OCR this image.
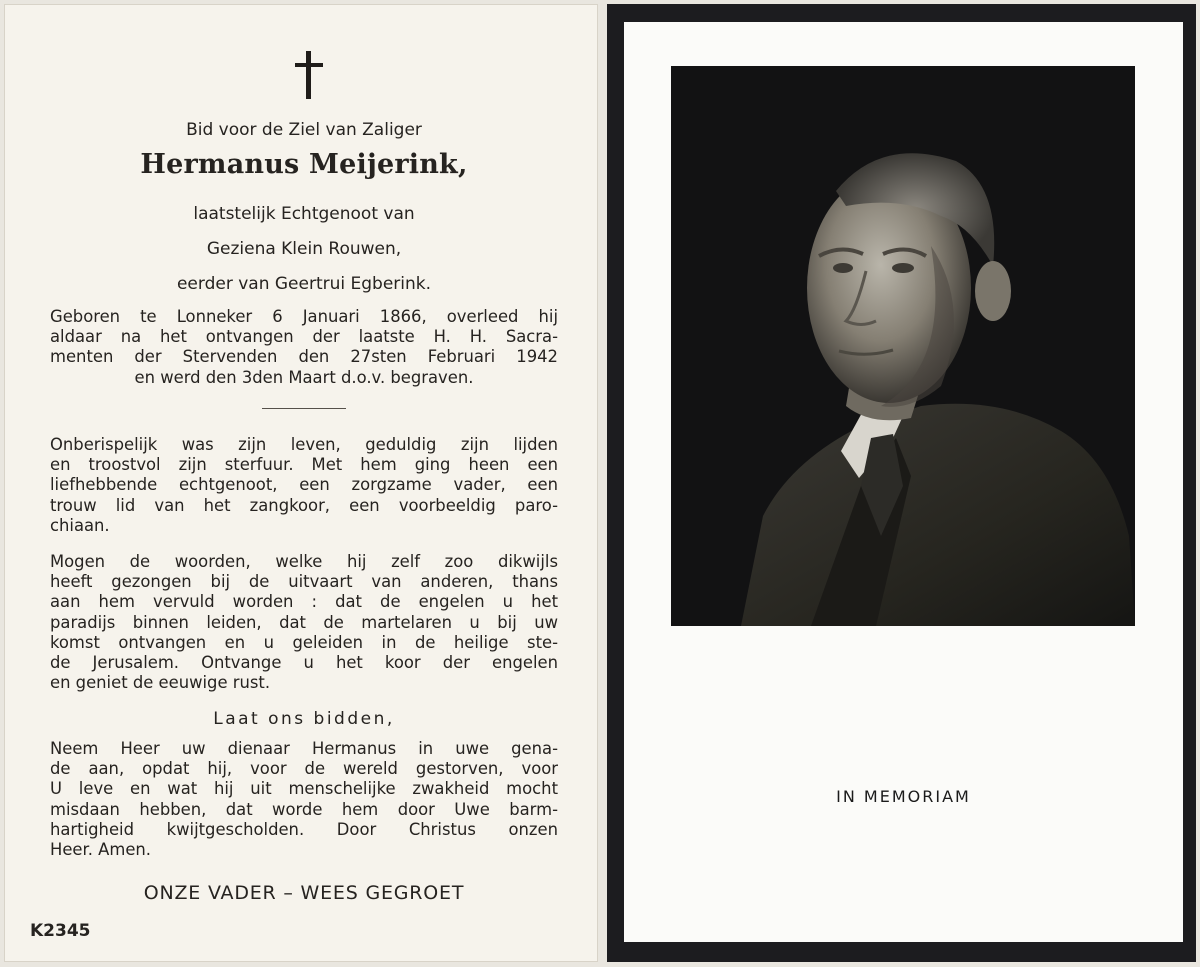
Bid voor de Ziel van Zaliger
Hermanus Meijerink,
laatstelijk Echtgenoot van
Geziena Klein Rouwen,
eerder van Geertrui Egberink.
Geboren te Lonneker 6 Januari 1866, overleed hij
aldaar na het ontvangen der laatste H. H. Sacra-
menten der Stervenden den 27sten Februari 1942
en werd den 3den Maart d.o.v. begraven.
Onberispelijk was zijn leven, geduldig zijn lijden
en troostvol zijn sterfuur. Met hem ging heen een
liefhebbende echtgenoot, een zorgzame vader, een
trouw lid van het zangkoor, een voorbeeldig paro-
chiaan.
Mogen de woorden, welke hij zelf zoo dikwijls
heeft gezongen bij de uitvaart van anderen, thans
aan hem vervuld worden : dat de engelen u het
paradijs binnen leiden, dat de martelaren u bij uw
komst ontvangen en u geleiden in de heilige ste-
de Jerusalem. Ontvange u het koor der engelen
en geniet de eeuwige rust.
Laat ons bidden,
Neem Heer uw dienaar Hermanus in uwe gena-
de aan, opdat hij, voor de wereld gestorven, voor
U leve en wat hij uit menschelijke zwakheid mocht
misdaan hebben, dat worde hem door Uwe barm-
hartigheid kwijtgescholden. Door Christus onzen
Heer. Amen.
ONZE VADER – WEES GEGROET
K2345
IN MEMORIAM
